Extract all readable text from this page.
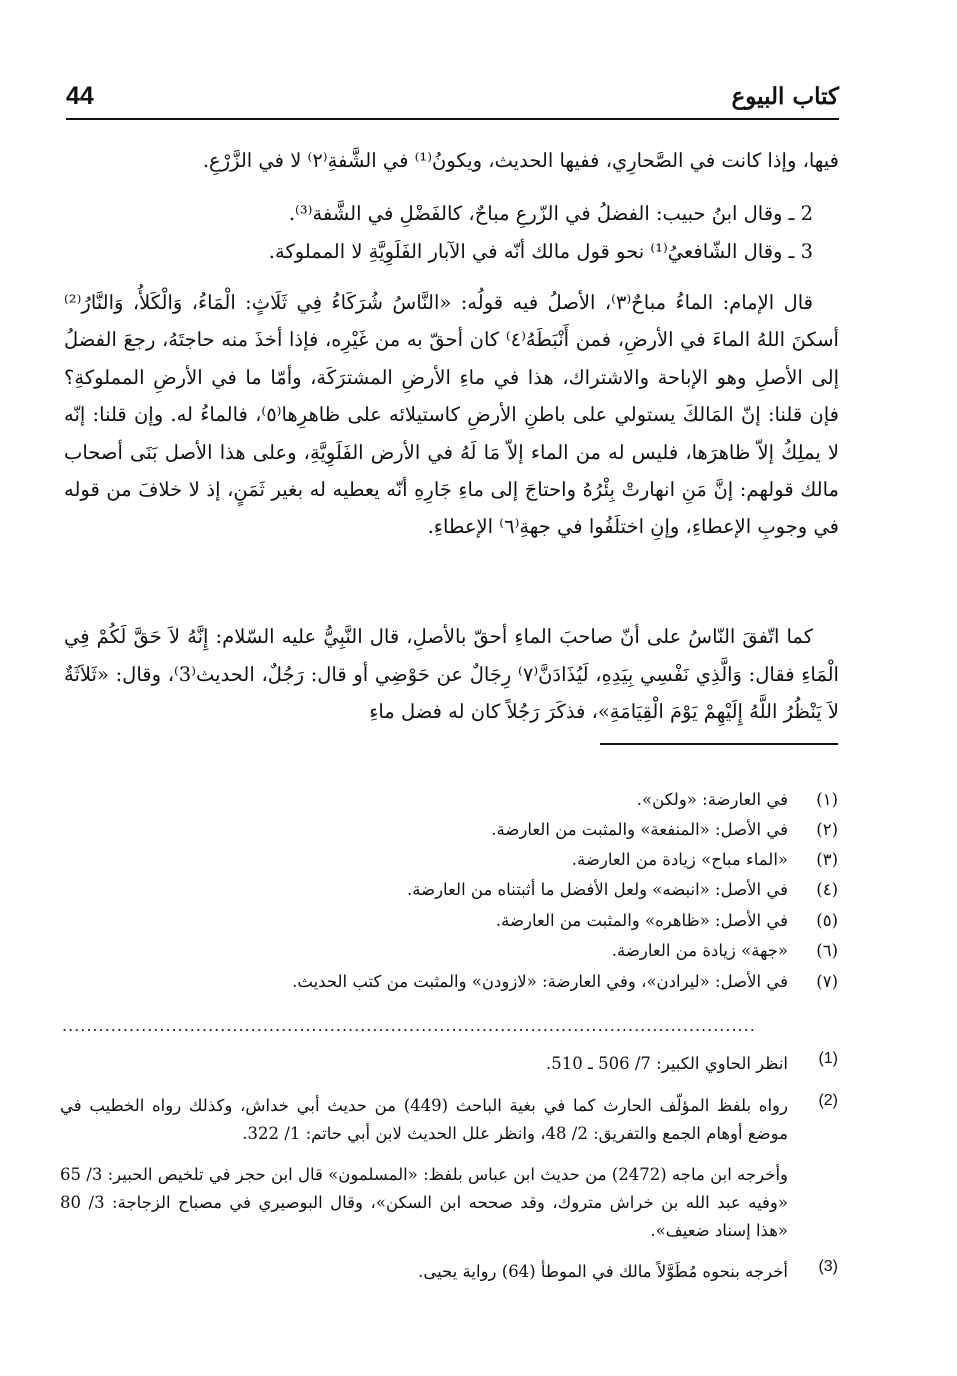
44	كتاب البيوع

فيها، وإذا كانت في الصَّحارِي، ففيها الحديث، ويكونُ⁽¹⁾ في الشَّفةِ⁽٢⁾ لا في الزَّرْعِ.

2 ـ وقال ابنُ حبيب: الفضلُ في الزّرعِ مباحٌ، كالفَضْلِ في الشَّفة⁽³⁾.

3 ـ وقال الشّافعيُ⁽¹⁾ نحو قول مالك أنّه في الآبار الفَلَوِيَّةِ لا المملوكة.

قال الإمام: الماءُ مباحٌ⁽٣⁾، الأصلُ فيه قولُه: «النَّاسُ شُرَكَاءُ فِي ثَلَاثٍ: الْمَاءُ، وَالْكَلأُ، وَالنَّارُ⁽²⁾ أسكنَ اللهُ الماءَ في الأرضِ، فمن أَنْبَطَهُ⁽٤⁾ كان أحقّ به من غَيْرِه، فإذا أخذَ منه حاجتَهُ، رجعَ الفضلُ إلى الأصلِ وهو الإباحة والاشتراك، هذا في ماءِ الأرضِ المشترَكَة، وأمّا ما في الأرضِ المملوكةِ؟ فإن قلنا: إنّ المَالكَ يستولي على باطنِ الأرضِ كاستيلائه على ظاهرِها⁽٥⁾، فالماءُ له. وإن قلنا: إنّه لا يملِكُ إلاّ ظاهرَها، فليس له من الماء إلاّ مَا لَهُ في الأرض الفَلَوِيَّةِ، وعلى هذا الأصل بَنَى أصحاب مالك قولهم: إنَّ مَنِ انهارتْ بِئْرُهُ واحتاجَ إلى ماءِ جَارِهِ أنّه يعطيه له بغير ثَمَنٍ، إذ لا خلافَ من قوله في وجوبِ الإعطاءِ، وإنِ اختلَفُوا في جهةِ⁽٦⁾ الإعطاءِ.

كما اتّفقَ النّاسُ على أنّ صاحبَ الماءِ أحقّ بالأصلِ، قال النَّبِيُّ عليه السّلام: إِنَّهُ لاَ حَقَّ لَكُمْ فِي الْمَاءِ فقال: وَالَّذِي نَفْسِي بِيَدِهِ، لَيُذَادَنَّ⁽٧⁾ رِجَالٌ عن حَوْضِي أو قال: رَجُلٌ، الحديث⁽3⁾، وقال: «ثَلاَثَةٌ لاَ يَنْظُرُ اللَّهُ إِلَيْهِمْ يَوْمَ الْقِيَامَةِ»، فذكَرَ رَجُلاً كان له فضل ماءِ

(١)
في العارضة: «ولكن».
(٢)
في الأصل: «المنفعة» والمثبت من العارضة.
(٣)
«الماء مباح» زيادة من العارضة.
(٤)
في الأصل: «انبضه» ولعل الأفضل ما أثبتناه من العارضة.
(٥)
في الأصل: «ظاهره» والمثبت من العارضة.
(٦)
«جهة» زيادة من العارضة.
(٧)
في الأصل: «ليرادن»، وفي العارضة: «لازودن» والمثبت من كتب الحديث.
..................................................................................................................
(1)
انظر الحاوي الكبير: 7/ 506 ـ 510.
(2)
رواه بلفظ المؤلّف الحارث كما في بغية الباحث (449) من حديث أبي خداش، وكذلك رواه الخطيب في موضع أوهام الجمع والتفريق: 2/ 48، وانظر علل الحديث لابن أبي حاتم: 1/ 322.
وأخرجه ابن ماجه (2472) من حديث ابن عباس بلفظ: «المسلمون» قال ابن حجر في تلخيص الحبير: 3/ 65 «وفيه عبد الله بن خراش متروك، وقد صححه ابن السكن»، وقال البوصيري في مصباح الزجاجة: 3/ 80 «هذا إسناد ضعيف».
(3)
أخرجه بنحوه مُطَوَّلاً مالك في الموطأ (64) رواية يحيى.
